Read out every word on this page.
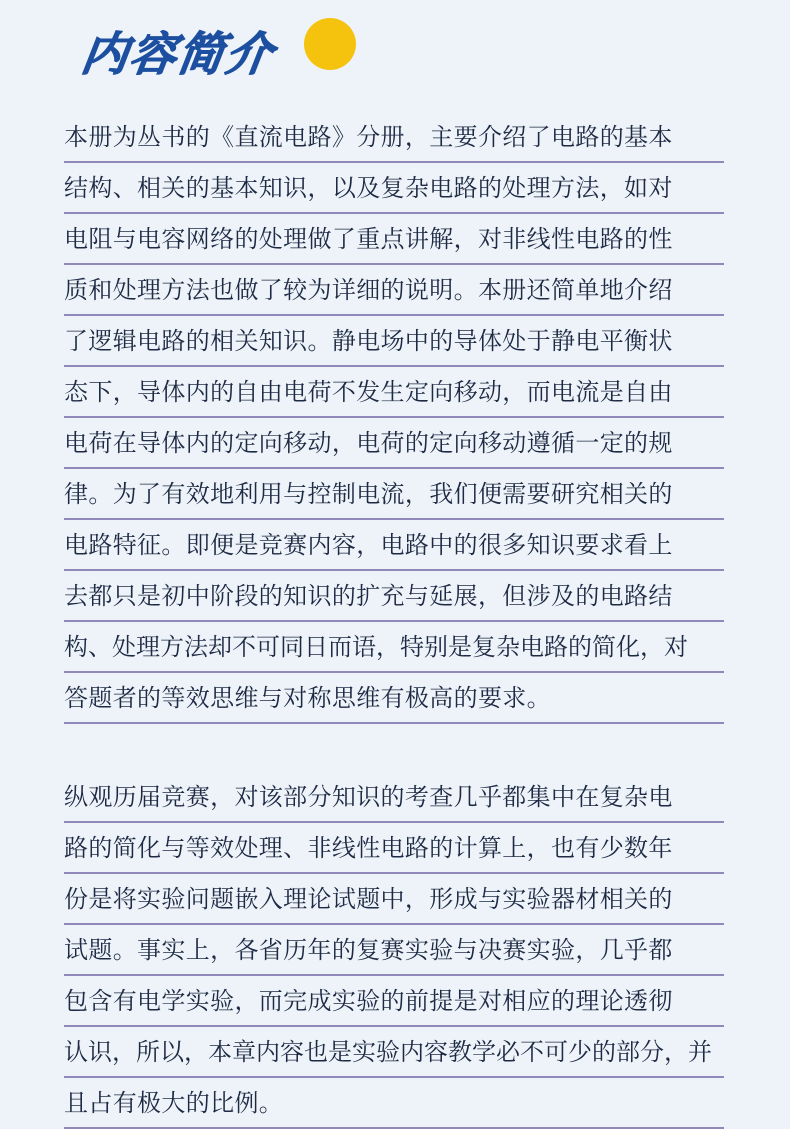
内容简介
本册为丛书的《直流电路》分册，主要介绍了电路的基本
结构、相关的基本知识，以及复杂电路的处理方法，如对
电阻与电容网络的处理做了重点讲解，对非线性电路的性
质和处理方法也做了较为详细的说明。本册还简单地介绍
了逻辑电路的相关知识。静电场中的导体处于静电平衡状
态下，导体内的自由电荷不发生定向移动，而电流是自由
电荷在导体内的定向移动，电荷的定向移动遵循一定的规
律。为了有效地利用与控制电流，我们便需要研究相关的
电路特征。即便是竞赛内容，电路中的很多知识要求看上
去都只是初中阶段的知识的扩充与延展，但涉及的电路结
构、处理方法却不可同日而语，特别是复杂电路的简化，对
答题者的等效思维与对称思维有极高的要求。
纵观历届竞赛，对该部分知识的考查几乎都集中在复杂电
路的简化与等效处理、非线性电路的计算上，也有少数年
份是将实验问题嵌入理论试题中，形成与实验器材相关的
试题。事实上，各省历年的复赛实验与决赛实验，几乎都
包含有电学实验，而完成实验的前提是对相应的理论透彻
认识，所以，本章内容也是实验内容教学必不可少的部分，并
且占有极大的比例。
